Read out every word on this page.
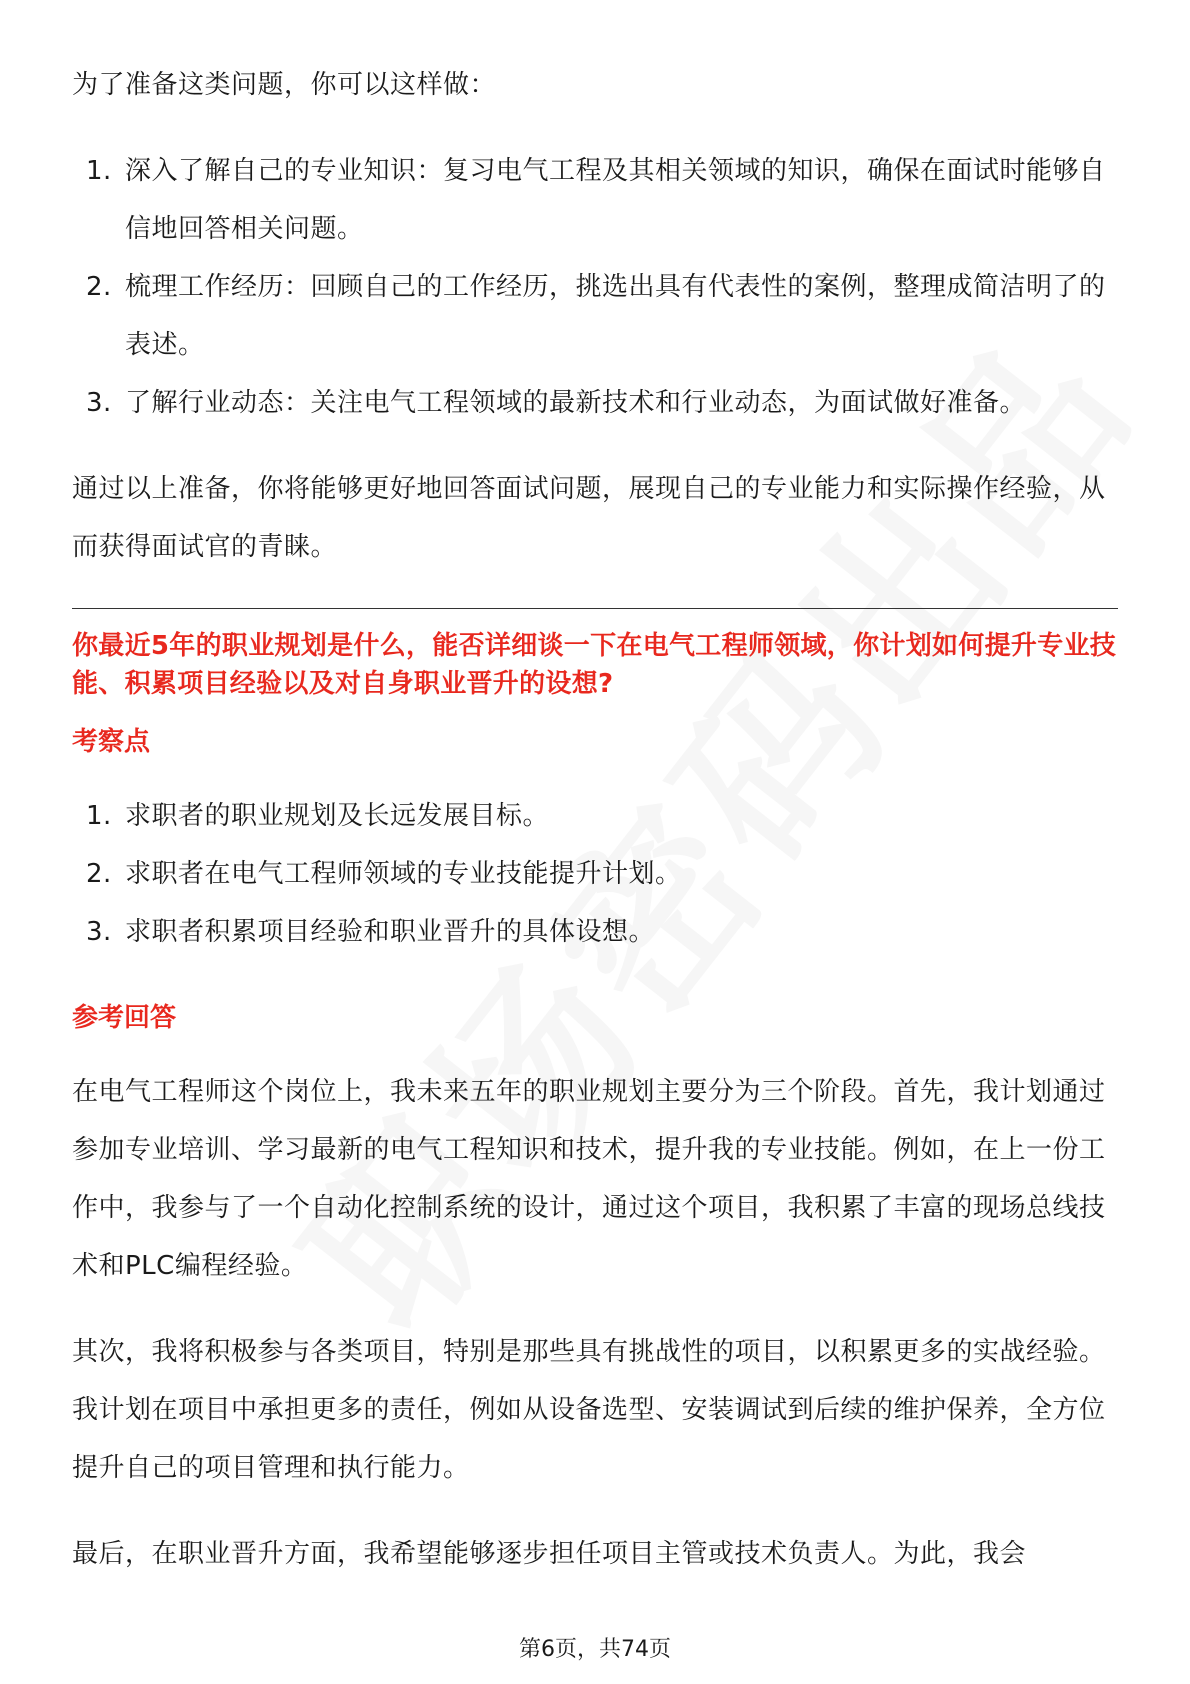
为了准备这类问题，你可以这样做：

1. 深入了解自己的专业知识：复习电气工程及其相关领域的知识，确保在面试时能够自信地回答相关问题。
2. 梳理工作经历：回顾自己的工作经历，挑选出具有代表性的案例，整理成简洁明了的表述。
3. 了解行业动态：关注电气工程领域的最新技术和行业动态，为面试做好准备。

通过以上准备，你将能够更好地回答面试问题，展现自己的专业能力和实际操作经验，从而获得面试官的青睐。

你最近5年的职业规划是什么，能否详细谈一下在电气工程师领域，你计划如何提升专业技能、积累项目经验以及对自身职业晋升的设想?

考察点

1. 求职者的职业规划及长远发展目标。
2. 求职者在电气工程师领域的专业技能提升计划。
3. 求职者积累项目经验和职业晋升的具体设想。

参考回答

在电气工程师这个岗位上，我未来五年的职业规划主要分为三个阶段。首先，我计划通过参加专业培训、学习最新的电气工程知识和技术，提升我的专业技能。例如，在上一份工作中，我参与了一个自动化控制系统的设计，通过这个项目，我积累了丰富的现场总线技术和PLC编程经验。

其次，我将积极参与各类项目，特别是那些具有挑战性的项目，以积累更多的实战经验。我计划在项目中承担更多的责任，例如从设备选型、安装调试到后续的维护保养，全方位提升自己的项目管理和执行能力。

最后，在职业晋升方面，我希望能够逐步担任项目主管或技术负责人。为此，我会

第6页，共74页
